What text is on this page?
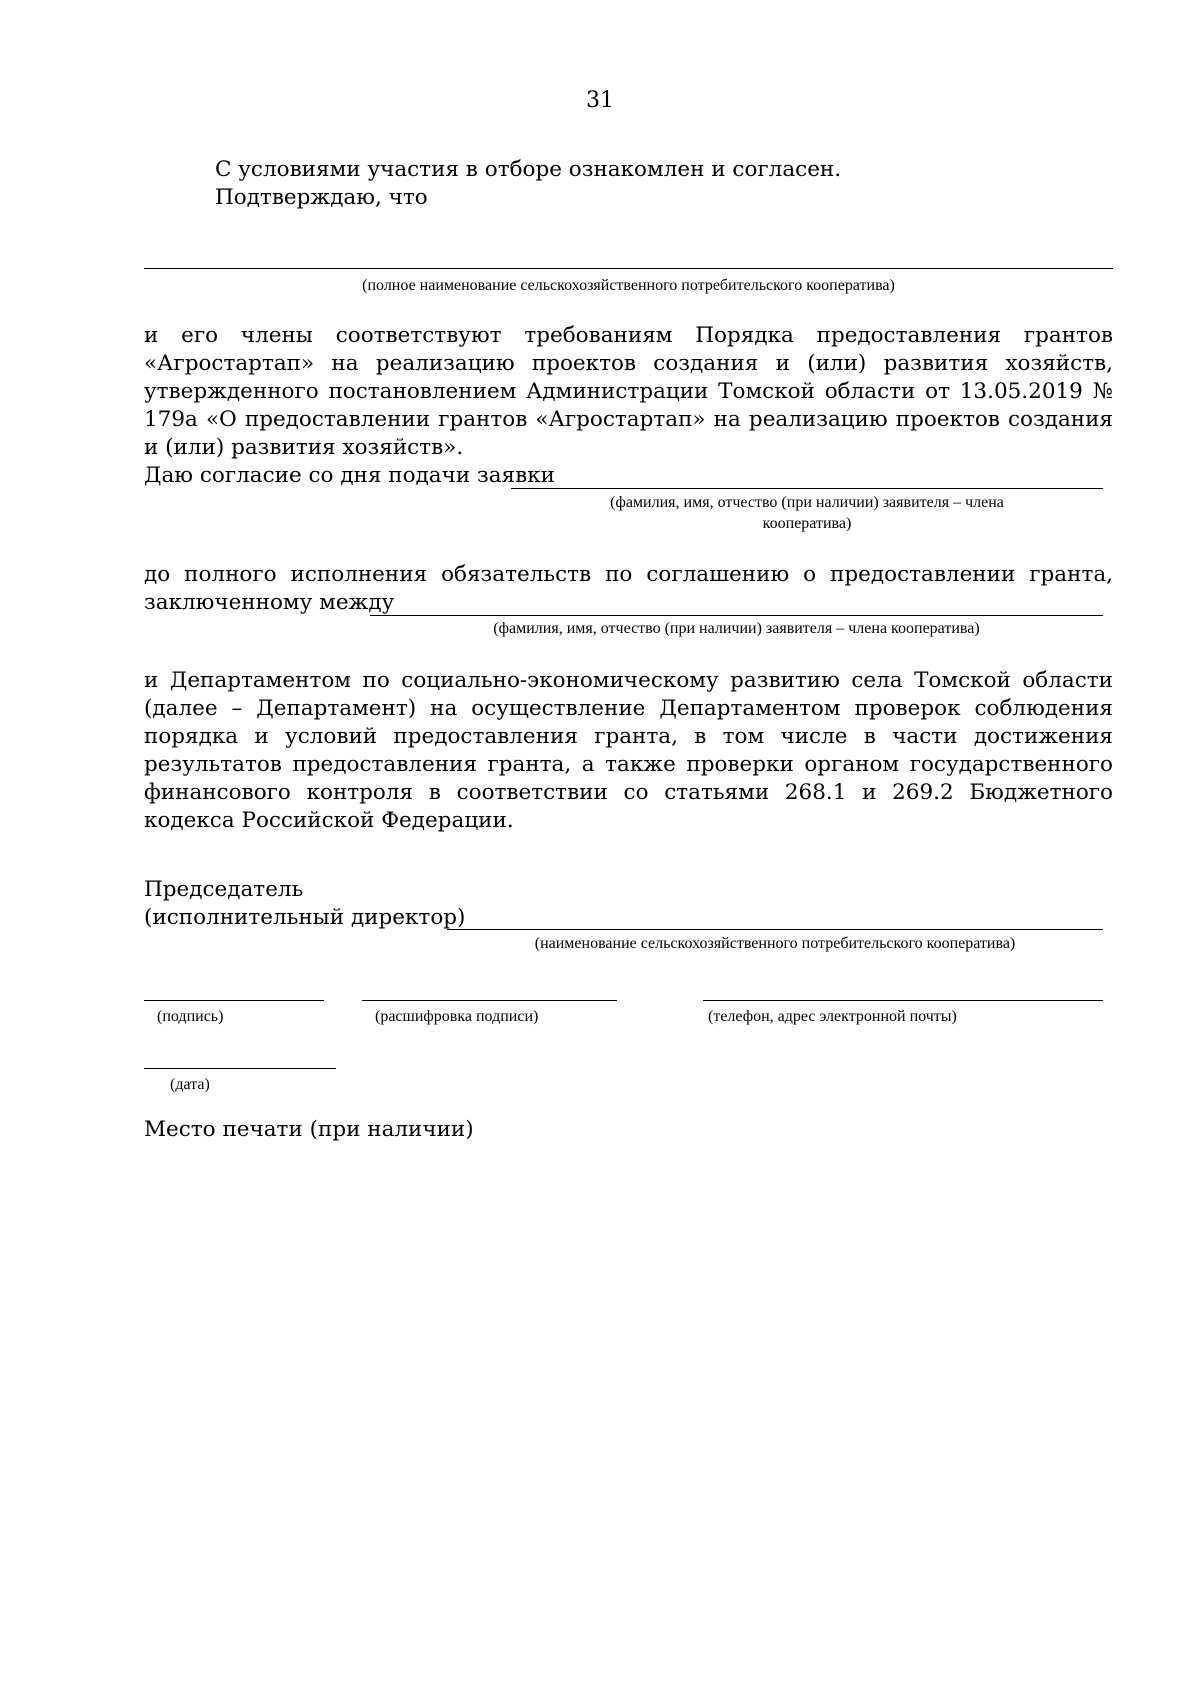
31
С условиями участия в отборе ознакомлен и согласен.
Подтверждаю, что
(полное наименование сельскохозяйственного потребительского кооператива)
и его члены соответствуют требованиям Порядка предоставления грантов «Агростартап» на реализацию проектов создания и (или) развития хозяйств, утвержденного постановлением Администрации Томской области от 13.05.2019 № 179а «О предоставлении грантов «Агростартап» на реализацию проектов создания и (или) развития хозяйств».
Даю согласие со дня подачи заявки
(фамилия, имя, отчество (при наличии) заявителя – члена
кооператива)
до полного исполнения обязательств по соглашению о предоставлении гранта,
заключенному между
(фамилия, имя, отчество (при наличии) заявителя – члена кооператива)
и Департаментом по социально-экономическому развитию села Томской области (далее – Департамент) на осуществление Департаментом проверок соблюдения порядка и условий предоставления гранта, в том числе в части достижения результатов предоставления гранта, а также проверки органом государственного финансового контроля в соответствии со статьями 268.1 и 269.2 Бюджетного кодекса Российской Федерации.
Председатель
(исполнительный директор)
(наименование сельскохозяйственного потребительского кооператива)
(подпись)	(расшифровка подписи)	(телефон, адрес электронной почты)
(дата)
Место печати (при наличии)
